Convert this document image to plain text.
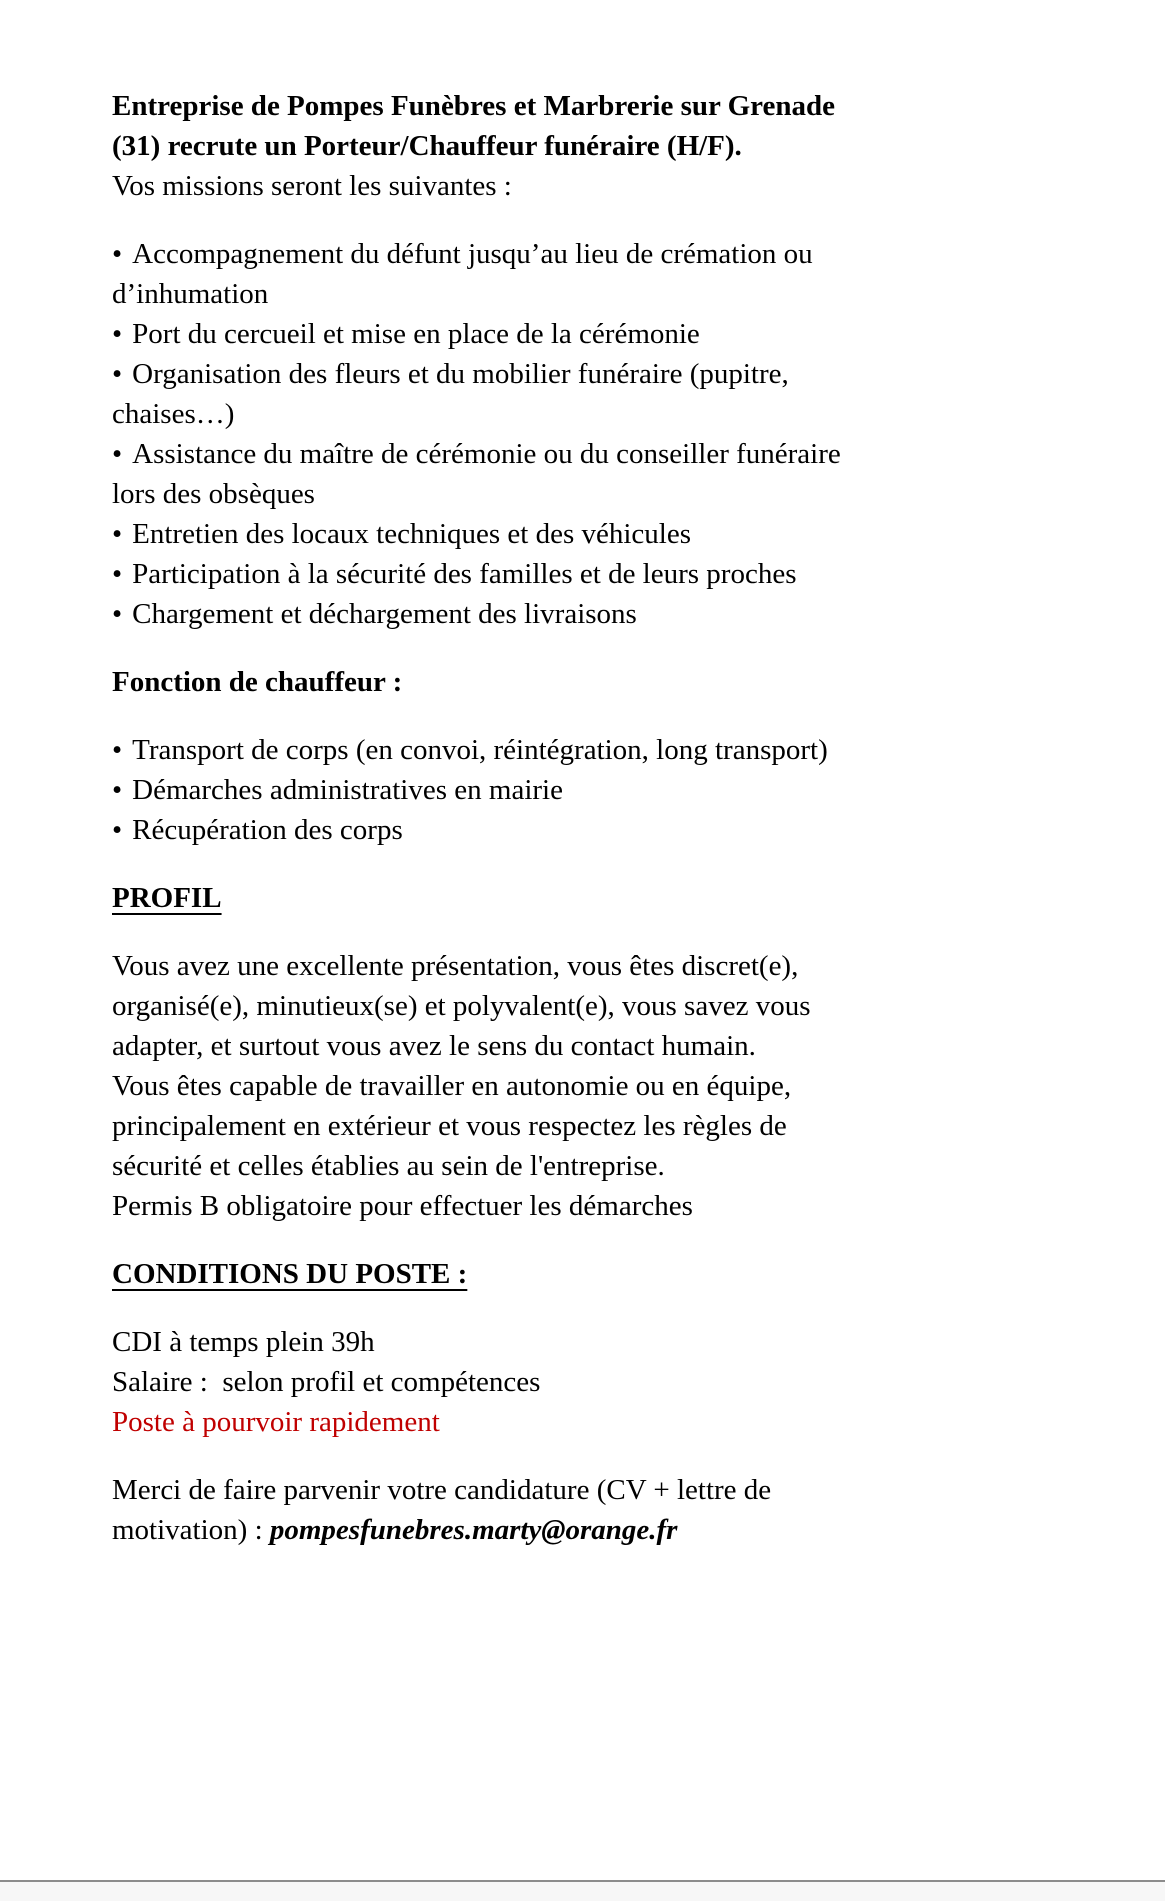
Entreprise de Pompes Funèbres et Marbrerie sur Grenade (31) recrute un Porteur/Chauffeur funéraire (H/F).

Vos missions seront les suivantes :

• Accompagnement du défunt jusqu’au lieu de crémation ou d’inhumation

• Port du cercueil et mise en place de la cérémonie

• Organisation des fleurs et du mobilier funéraire (pupitre, chaises…)

• Assistance du maître de cérémonie ou du conseiller funéraire lors des obsèques

• Entretien des locaux techniques et des véhicules

• Participation à la sécurité des familles et de leurs proches

• Chargement et déchargement des livraisons

Fonction de chauffeur :

• Transport de corps (en convoi, réintégration, long transport)

• Démarches administratives en mairie

• Récupération des corps

PROFIL

Vous avez une excellente présentation, vous êtes discret(e), organisé(e), minutieux(se) et polyvalent(e), vous savez vous adapter, et surtout vous avez le sens du contact humain.

Vous êtes capable de travailler en autonomie ou en équipe, principalement en extérieur et vous respectez les règles de sécurité et celles établies au sein de l'entreprise.

Permis B obligatoire pour effectuer les démarches

CONDITIONS DU POSTE :

CDI à temps plein 39h

Salaire :  selon profil et compétences

Poste à pourvoir rapidement

Merci de faire parvenir votre candidature (CV + lettre de motivation) : pompesfunebres.marty@orange.fr
